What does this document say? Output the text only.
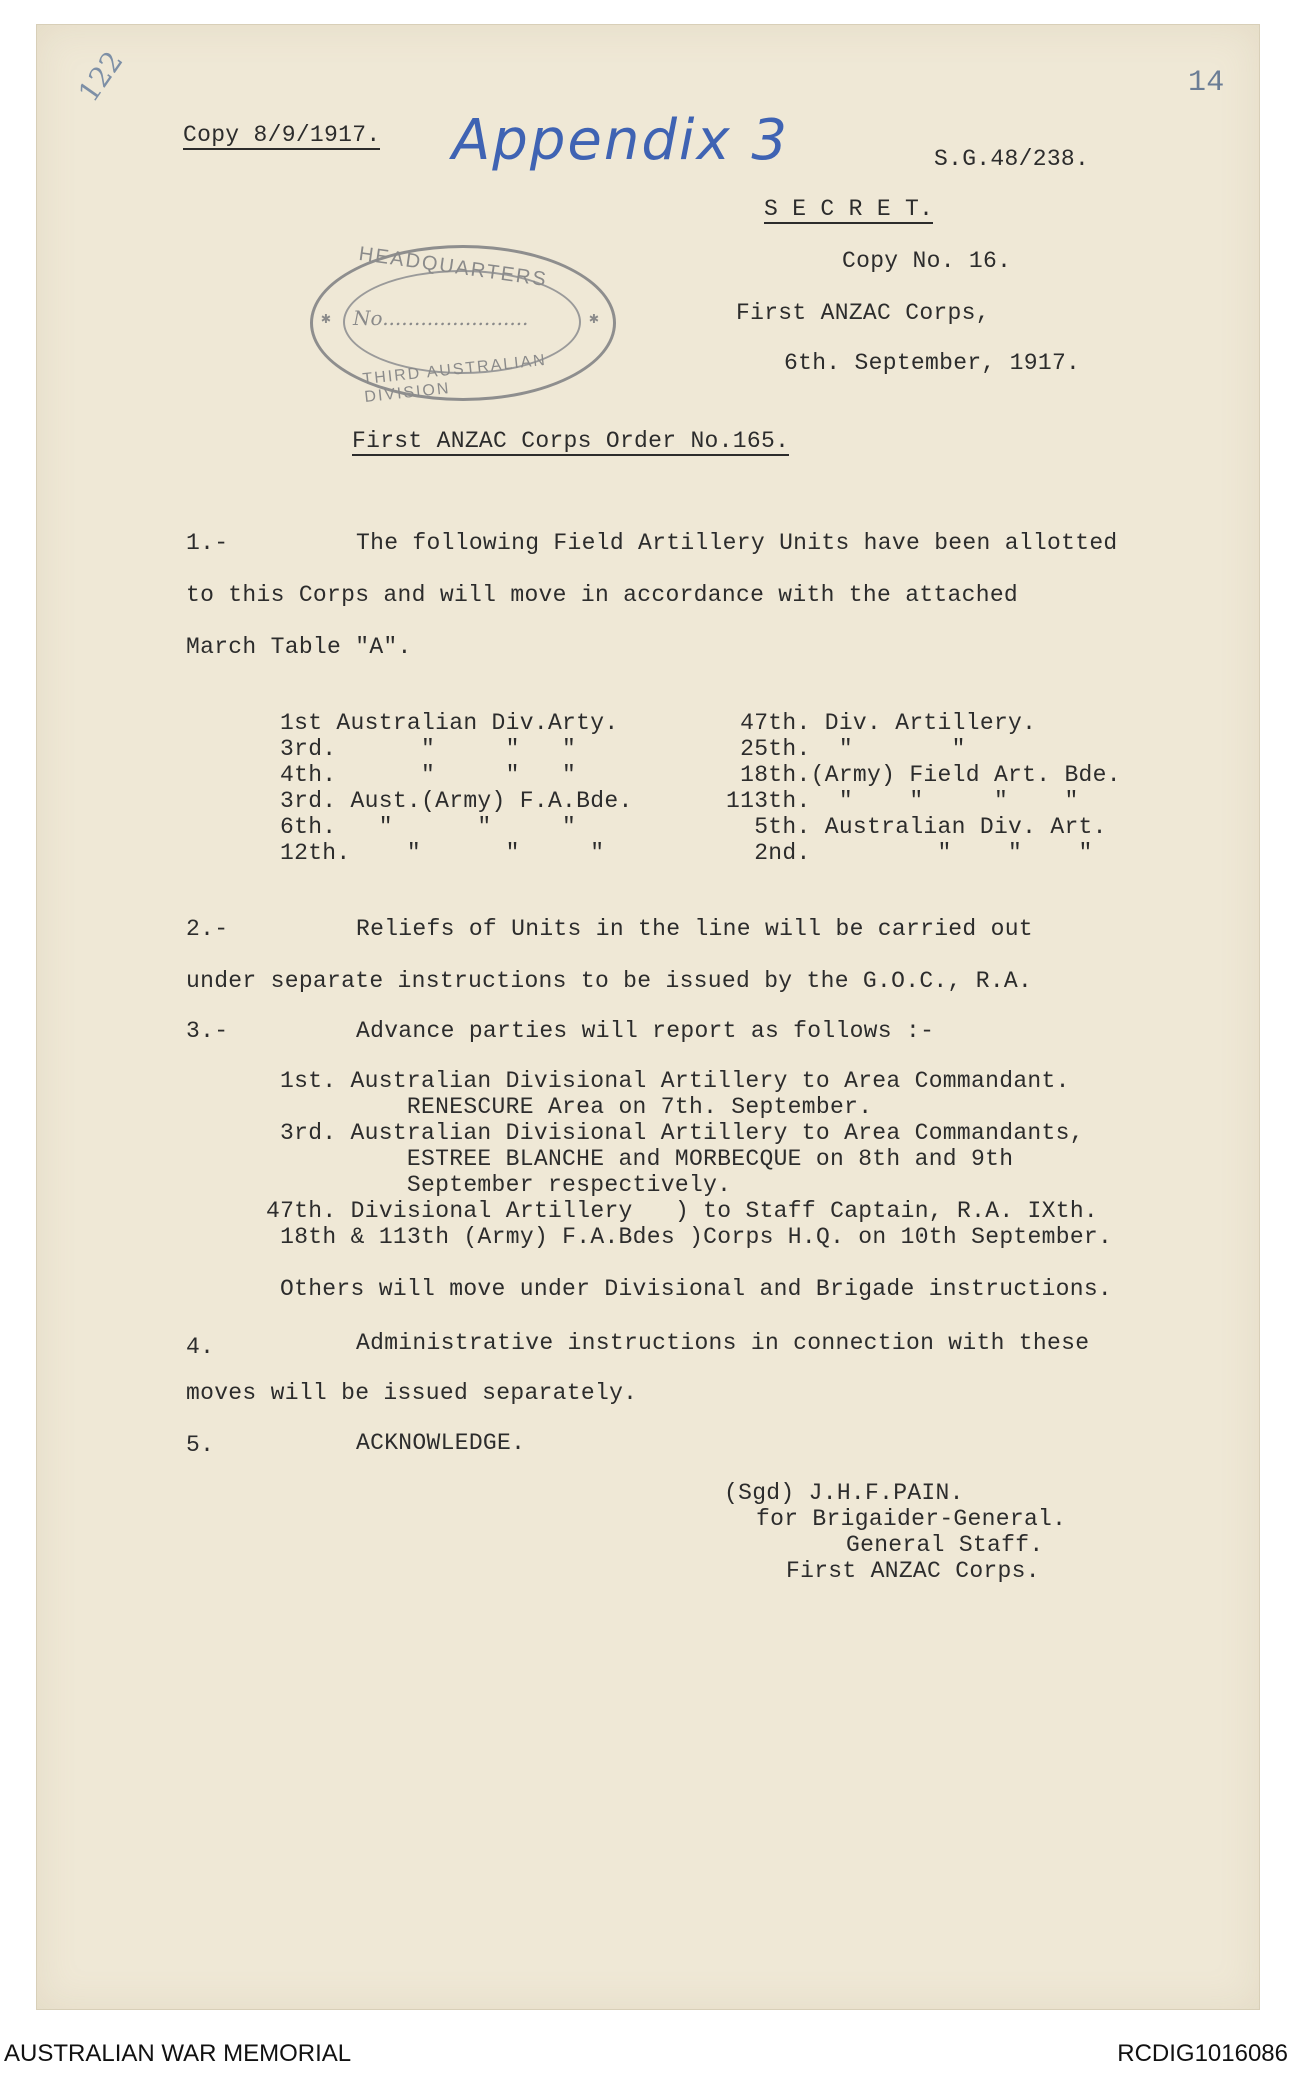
122	14
Copy 8/9/1917. Appendix 3	S.G.48/238.
S E C R E T.
Copy No. 16.
First ANZAC Corps,
6th. September, 1917.
HEADQUARTERS
✱	✱
No.......................
THIRD AUSTRALIAN DIVISION
First ANZAC Corps Order No.165.
1.-	The following Field Artillery Units have been allotted
to this Corps and will move in accordance with the attached
March Table "A".
1st Australian Div.Arty.
3rd.      "     "   "
4th.      "     "   "
3rd. Aust.(Army) F.A.Bde.
6th.   "      "     "
12th.    "      "     "
47th. Div. Artillery.
25th.  "       "
18th.(Army) Field Art. Bde.
113th.  "    "     "    "
5th. Australian Div. Art.
2nd.         "    "    "
2.-	Reliefs of Units in the line will be carried out
under separate instructions to be issued by the G.O.C., R.A.
3.-	Advance parties will report as follows :-
1st. Australian Divisional Artillery to Area Commandant.
RENESCURE Area on 7th. September.
3rd. Australian Divisional Artillery to Area Commandants,
ESTREE BLANCHE and MORBECQUE on 8th and 9th
September respectively.
47th. Divisional Artillery   ) to Staff Captain, R.A. IXth.
18th & 113th (Army) F.A.Bdes )Corps H.Q. on 10th September.
Others will move under Divisional and Brigade instructions.
4.	Administrative instructions in connection with these
moves will be issued separately.
5.	ACKNOWLEDGE.
(Sgd) J.H.F.PAIN.
for Brigaider-General.
General Staff.
First ANZAC Corps.
AUSTRALIAN WAR MEMORIAL	RCDIG1016086
